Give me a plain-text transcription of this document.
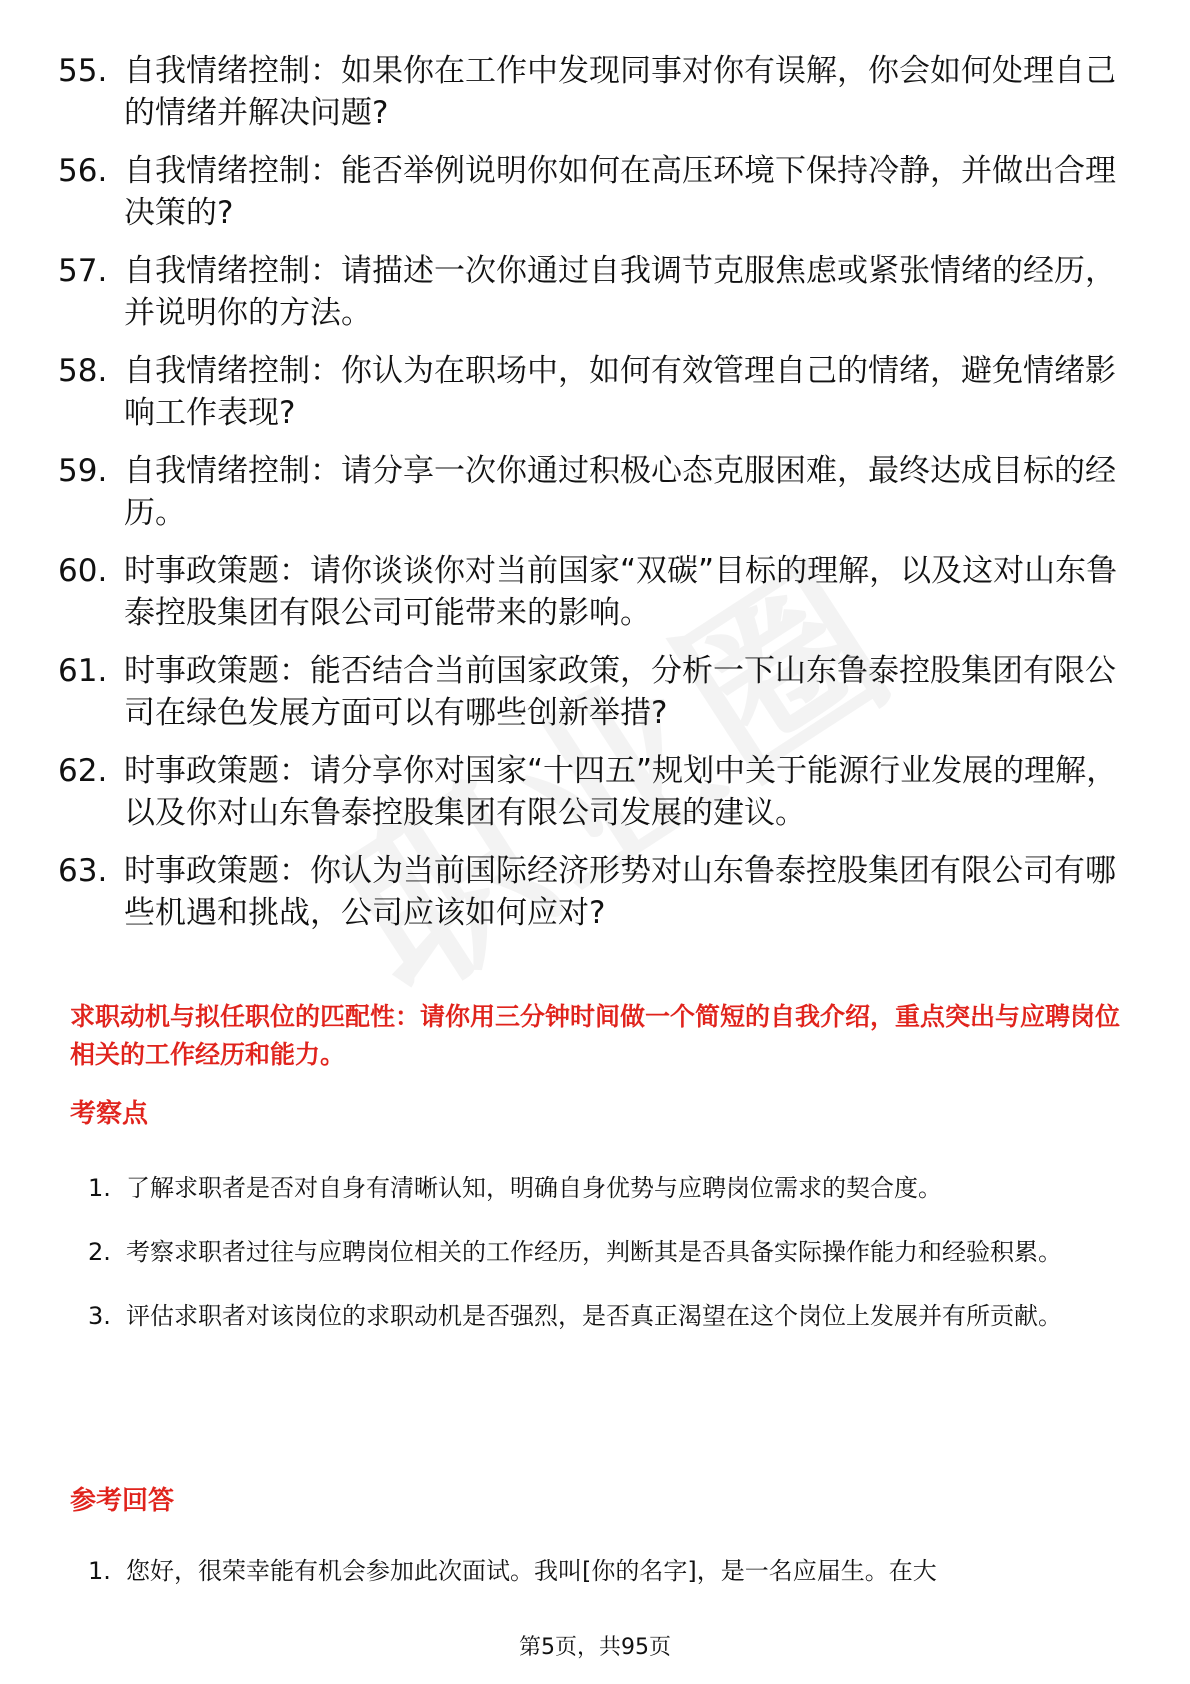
55. 自我情绪控制：如果你在工作中发现同事对你有误解，你会如何处理自己的情绪并解决问题?
56. 自我情绪控制：能否举例说明你如何在高压环境下保持冷静，并做出合理决策的?
57. 自我情绪控制：请描述一次你通过自我调节克服焦虑或紧张情绪的经历，并说明你的方法。
58. 自我情绪控制：你认为在职场中，如何有效管理自己的情绪，避免情绪影响工作表现?
59. 自我情绪控制：请分享一次你通过积极心态克服困难，最终达成目标的经历。
60. 时事政策题：请你谈谈你对当前国家“双碳”目标的理解，以及这对山东鲁泰控股集团有限公司可能带来的影响。
61. 时事政策题：能否结合当前国家政策，分析一下山东鲁泰控股集团有限公司在绿色发展方面可以有哪些创新举措?
62. 时事政策题：请分享你对国家“十四五”规划中关于能源行业发展的理解，以及你对山东鲁泰控股集团有限公司发展的建议。
63. 时事政策题：你认为当前国际经济形势对山东鲁泰控股集团有限公司有哪些机遇和挑战，公司应该如何应对?
求职动机与拟任职位的匹配性：请你用三分钟时间做一个简短的自我介绍，重点突出与应聘岗位相关的工作经历和能力。
考察点
1. 了解求职者是否对自身有清晰认知，明确自身优势与应聘岗位需求的契合度。
2. 考察求职者过往与应聘岗位相关的工作经历，判断其是否具备实际操作能力和经验积累。
3. 评估求职者对该岗位的求职动机是否强烈，是否真正渴望在这个岗位上发展并有所贡献。
参考回答
1. 您好，很荣幸能有机会参加此次面试。我叫[你的名字]，是一名应届生。在大
第5页，共95页
